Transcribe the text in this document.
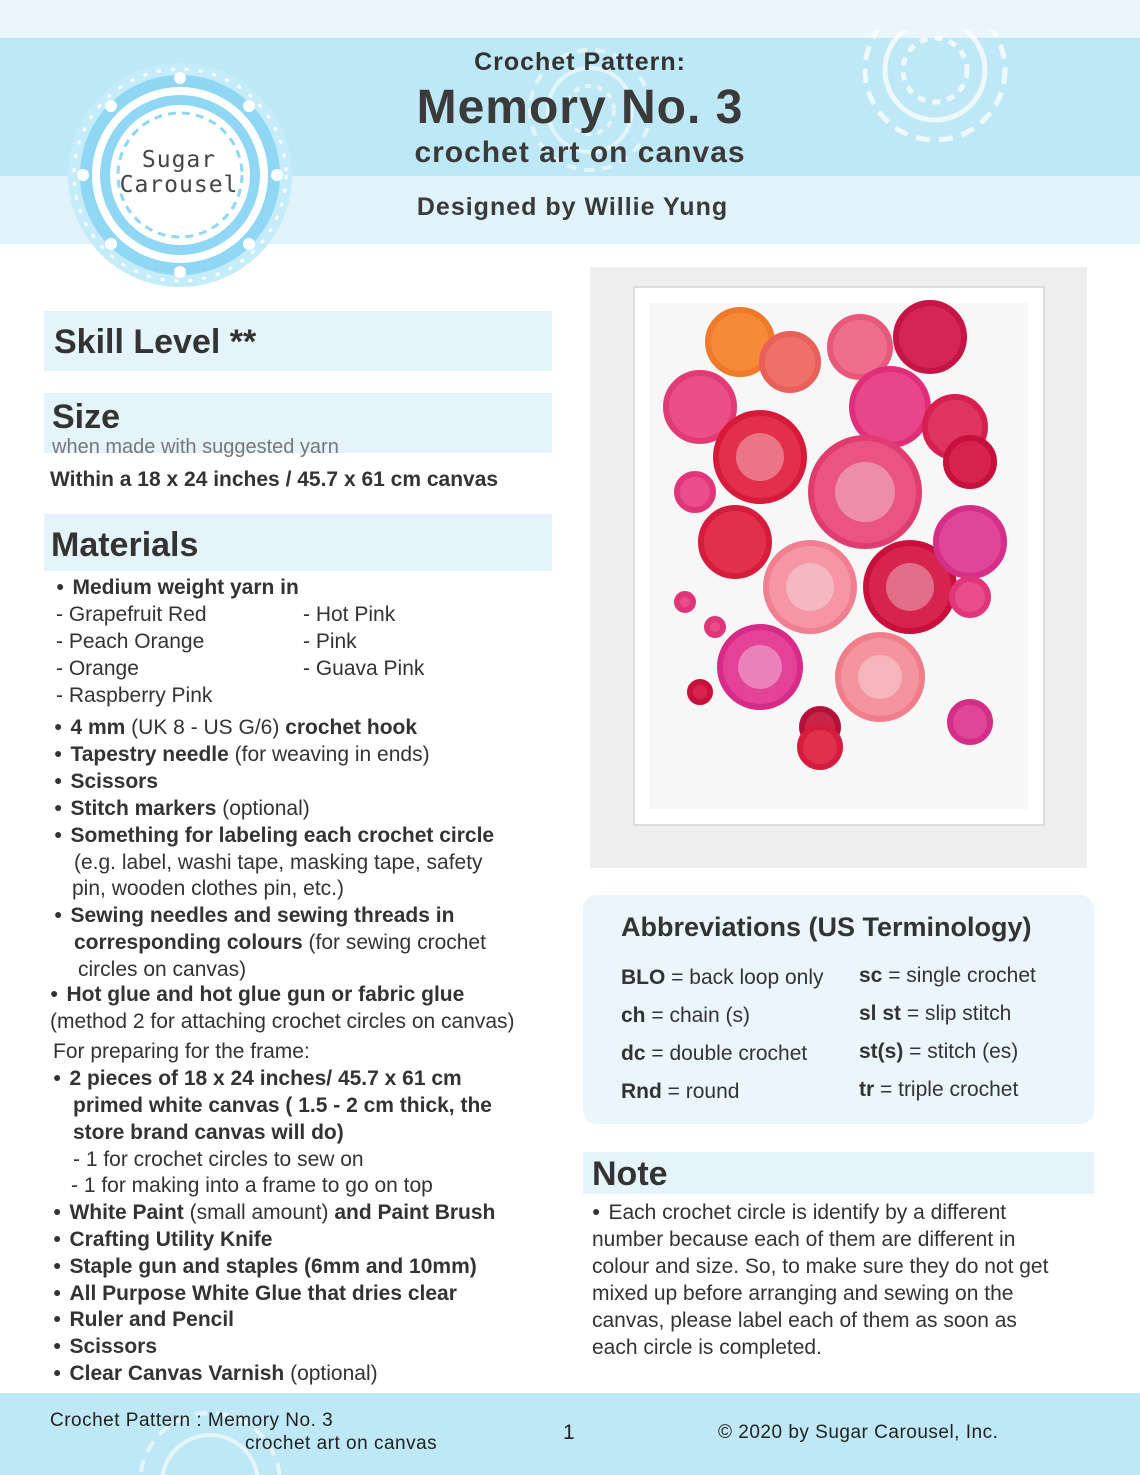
Sugar
Carousel
Crochet Pattern:
Memory No. 3
crochet art on canvas
Designed by Willie Yung
Skill Level **
Size
when made with suggested yarn
Within a 18 x 24 inches / 45.7 x 61 cm canvas
Materials
● Medium weight yarn in
- Grapefruit Red
- Peach Orange
- Orange
- Raspberry Pink
- Hot Pink
- Pink
- Guava Pink
● 4 mm (UK 8 - US G/6) crochet hook
● Tapestry needle (for weaving in ends)
● Scissors
● Stitch markers (optional)
● Something for labeling each crochet circle
(e.g. label, washi tape, masking tape, safety
pin, wooden clothes pin, etc.)
● Sewing needles and sewing threads in
corresponding colours (for sewing crochet
circles on canvas)
● Hot glue and hot glue gun or fabric glue
(method 2 for attaching crochet circles on canvas)
For preparing for the frame:
● 2 pieces of 18 x 24 inches/ 45.7 x 61 cm
primed white canvas ( 1.5 - 2 cm thick, the
store brand canvas will do)
- 1 for crochet circles to sew on
- 1 for making into a frame to go on top
● White Paint (small amount) and Paint Brush
● Crafting Utility Knife
● Staple gun and staples (6mm and 10mm)
● All Purpose White Glue that dries clear
● Ruler and Pencil
● Scissors
● Clear Canvas Varnish (optional)
Abbreviations (US Terminology)
BLO = back loop only
ch = chain (s)
dc = double crochet
Rnd = round
sc = single crochet
sl st = slip stitch
st(s) = stitch (es)
tr = triple crochet
Note
● Each crochet circle is identify by a different
number because each of them are different in
colour and size. So, to make sure they do not get
mixed up before arranging and sewing on the
canvas, please label each of them as soon as
each circle is completed.
Crochet Pattern : Memory No. 3
crochet art on canvas	1	© 2020 by Sugar Carousel, Inc.
